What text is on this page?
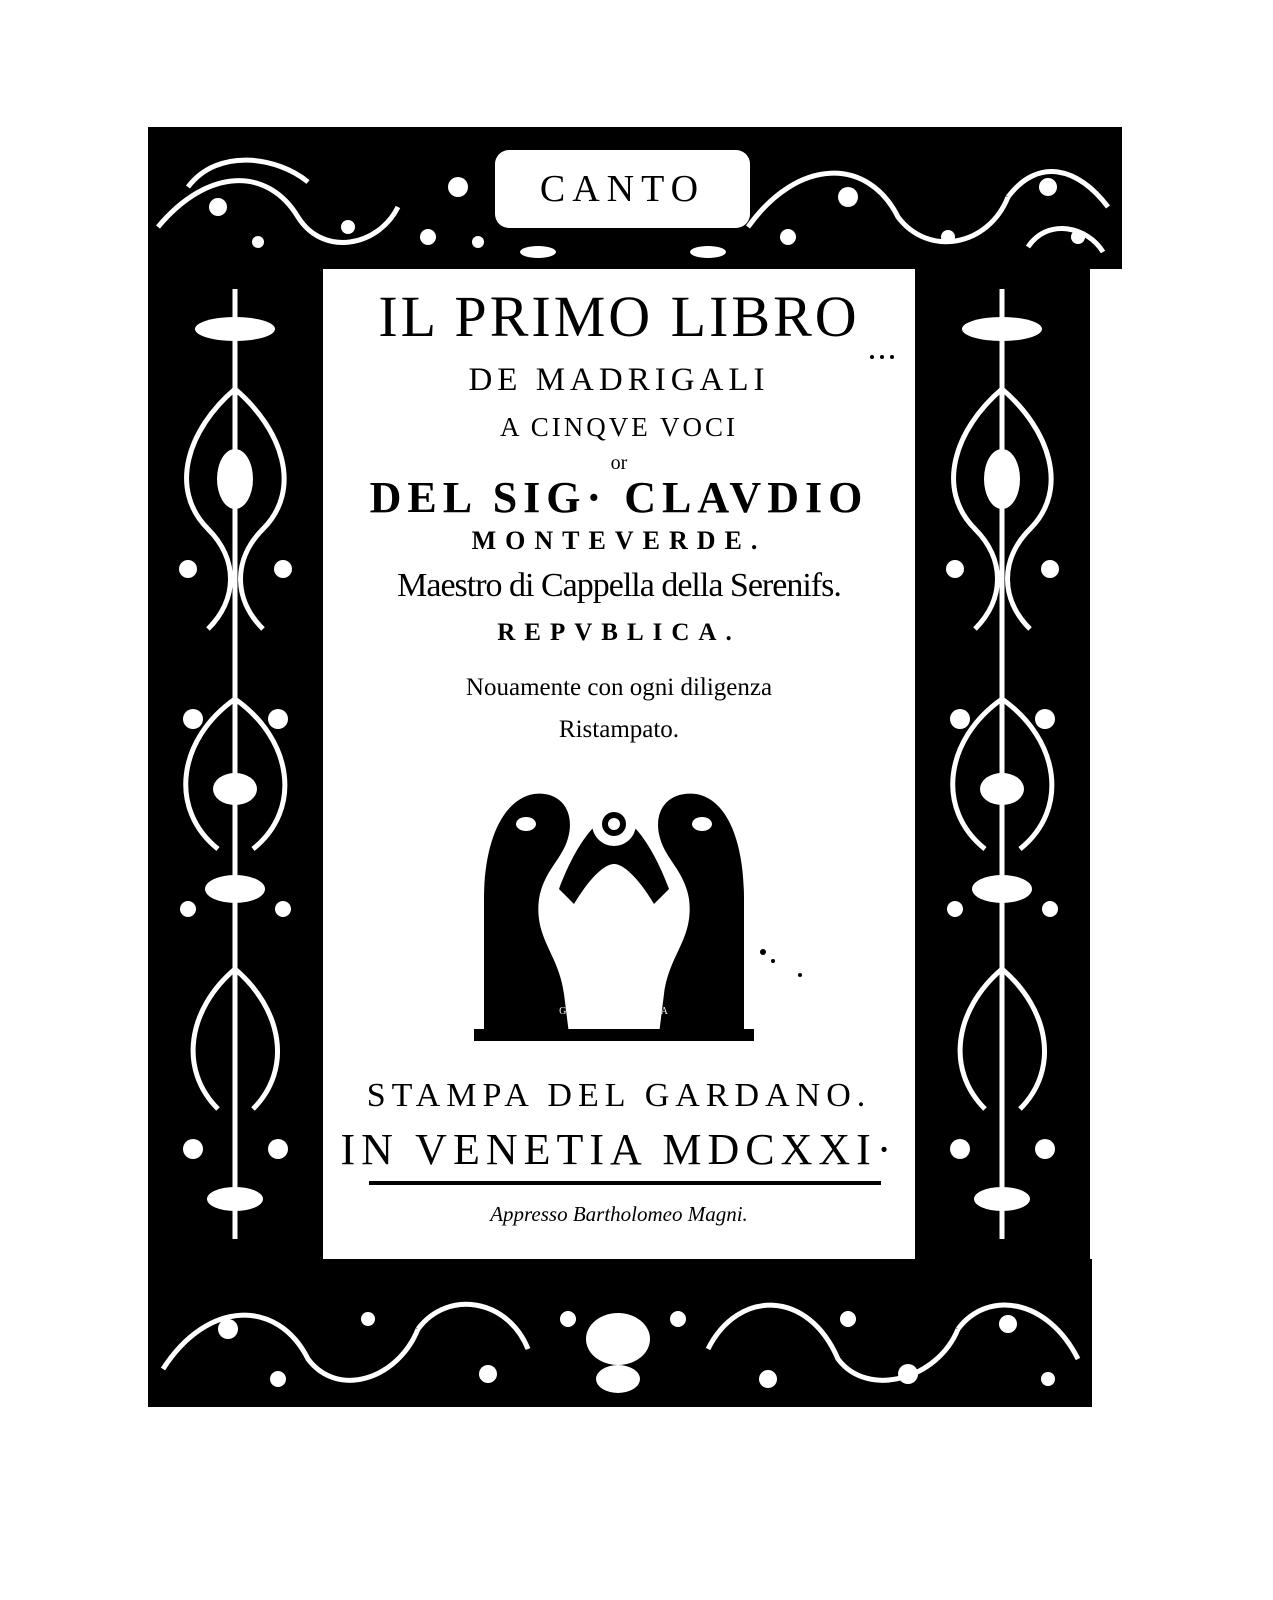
CANTO
IL PRIMO LIBRO
DE MADRIGALI
A CINQVE VOCI
or
DEL SIG· CLAVDIO
MONTEVERDE.
Maestro di Cappella della Serenifs.
REPVBLICA.
Nouamente con ogni diligenza
Ristampato.
GRATIA ET NATURA
STAMPA DEL GARDANO.
IN VENETIA MDCXXI·
Appresso Bartholomeo Magni.
